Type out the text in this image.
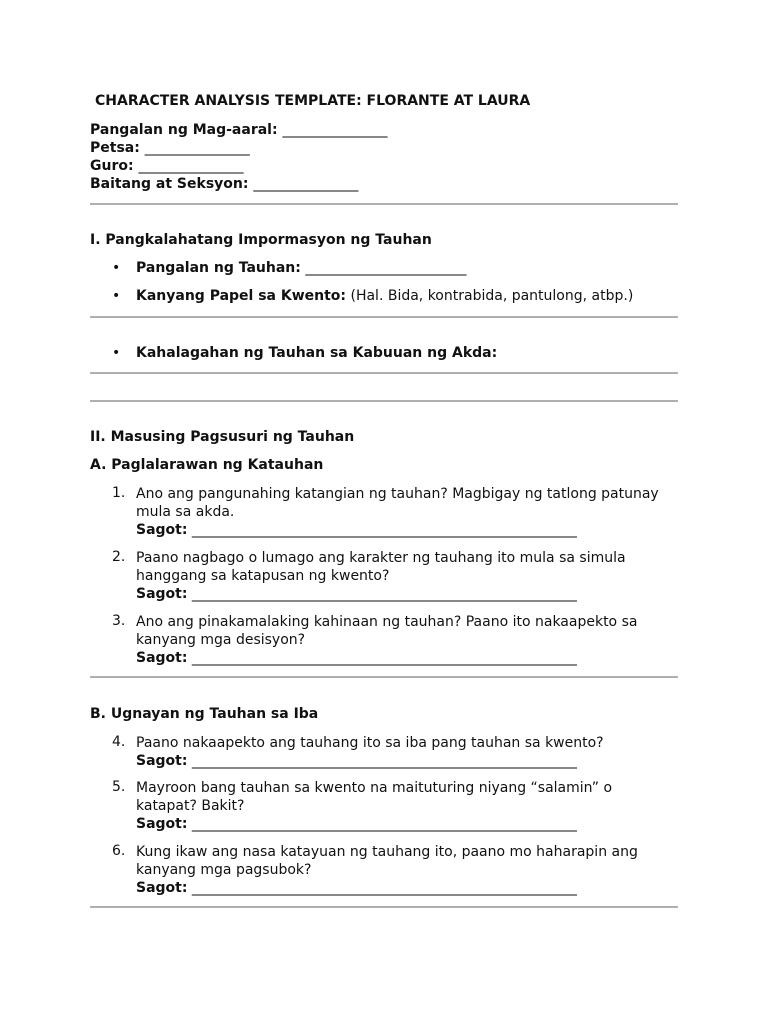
CHARACTER ANALYSIS TEMPLATE: FLORANTE AT LAURA
Pangalan ng Mag-aaral: _______________
Petsa: _______________
Guro: _______________
Baitang at Seksyon: _______________
I. Pangkalahatang Impormasyon ng Tauhan
• Pangalan ng Tauhan: _______________________
• Kanyang Papel sa Kwento: (Hal. Bida, kontrabida, pantulong, atbp.)
• Kahalagahan ng Tauhan sa Kabuuan ng Akda:
II. Masusing Pagsusuri ng Tauhan
A. Paglalarawan ng Katauhan
1. Ano ang pangunahing katangian ng tauhan? Magbigay ng tatlong patunay mula sa akda.
Sagot: _______________________________________________________
2. Paano nagbago o lumago ang karakter ng tauhang ito mula sa simula hanggang sa katapusan ng kwento?
Sagot: _______________________________________________________
3. Ano ang pinakamalaking kahinaan ng tauhan? Paano ito nakaapekto sa kanyang mga desisyon?
Sagot: _______________________________________________________
B. Ugnayan ng Tauhan sa Iba
4. Paano nakaapekto ang tauhang ito sa iba pang tauhan sa kwento?
Sagot: _______________________________________________________
5. Mayroon bang tauhan sa kwento na maituturing niyang “salamin” o katapat? Bakit?
Sagot: _______________________________________________________
6. Kung ikaw ang nasa katayuan ng tauhang ito, paano mo haharapin ang kanyang mga pagsubok?
Sagot: _______________________________________________________
